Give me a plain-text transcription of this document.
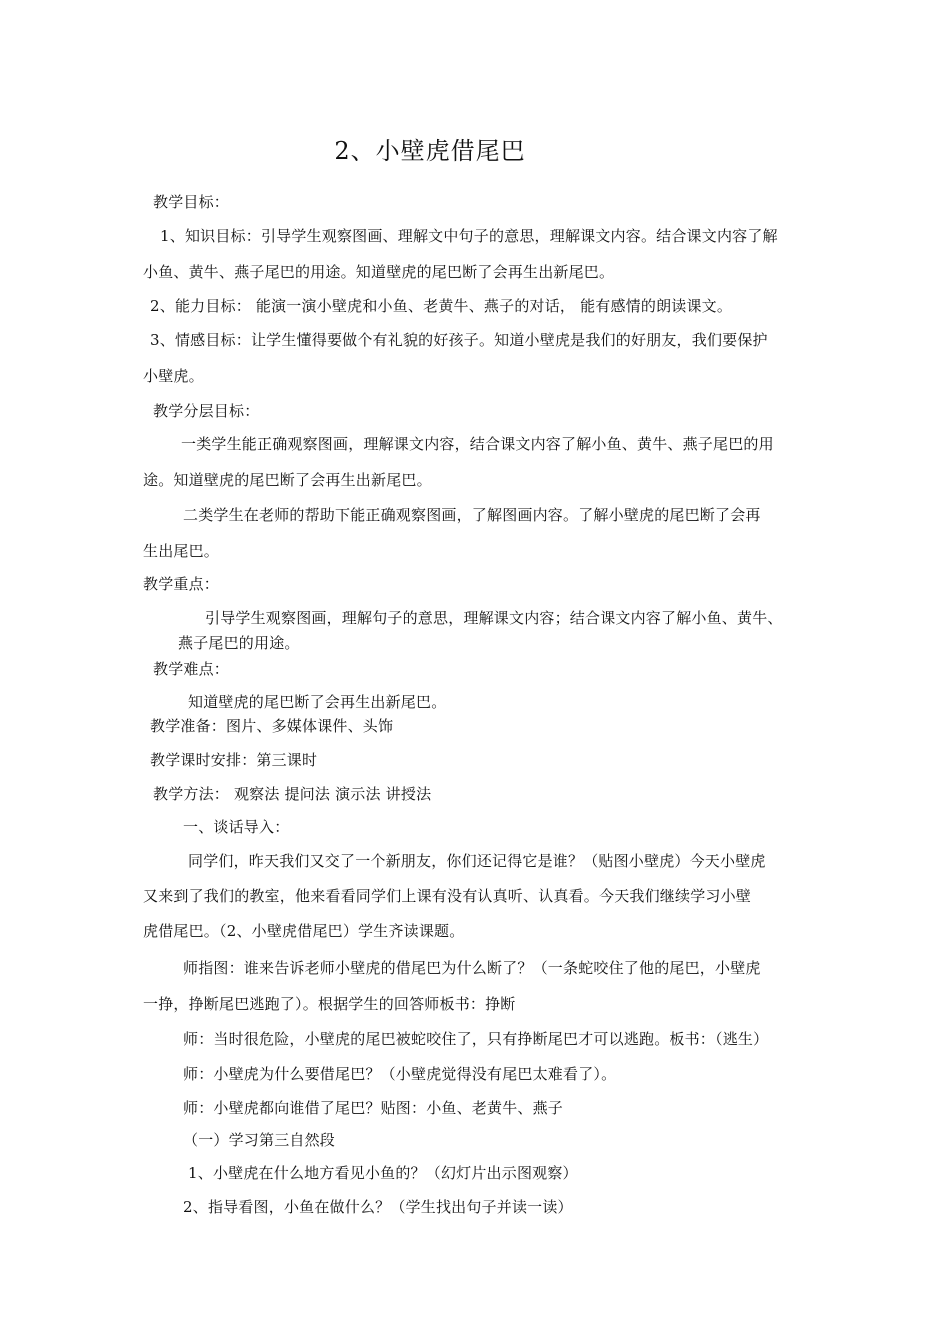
2、小壁虎借尾巴
教学目标：
1、知识目标：引导学生观察图画、理解文中句子的意思，理解课文内容。结合课文内容了解
小鱼、黄牛、燕子尾巴的用途。知道壁虎的尾巴断了会再生出新尾巴。
2、能力目标： 能演一演小壁虎和小鱼、老黄牛、燕子的对话， 能有感情的朗读课文。
3、情感目标：让学生懂得要做个有礼貌的好孩子。知道小壁虎是我们的好朋友，我们要保护
小壁虎。
教学分层目标：
一类学生能正确观察图画，理解课文内容，结合课文内容了解小鱼、黄牛、燕子尾巴的用
途。知道壁虎的尾巴断了会再生出新尾巴。
二类学生在老师的帮助下能正确观察图画，了解图画内容。了解小壁虎的尾巴断了会再
生出尾巴。
教学重点：
引导学生观察图画，理解句子的意思，理解课文内容；结合课文内容了解小鱼、黄牛、
燕子尾巴的用途。
教学难点：
知道壁虎的尾巴断了会再生出新尾巴。
教学准备：图片、多媒体课件、头饰
教学课时安排：第三课时
教学方法： 观察法 提问法 演示法 讲授法
一、谈话导入：
同学们，昨天我们又交了一个新朋友，你们还记得它是谁？（贴图小壁虎）今天小壁虎
又来到了我们的教室，他来看看同学们上课有没有认真听、认真看。今天我们继续学习小壁
虎借尾巴。（2、小壁虎借尾巴）学生齐读课题。
师指图：谁来告诉老师小壁虎的借尾巴为什么断了？（一条蛇咬住了他的尾巴，小壁虎
一挣，挣断尾巴逃跑了）。根据学生的回答师板书：挣断
师：当时很危险，小壁虎的尾巴被蛇咬住了，只有挣断尾巴才可以逃跑。板书：（逃生）
师：小壁虎为什么要借尾巴？（小壁虎觉得没有尾巴太难看了）。
师：小壁虎都向谁借了尾巴？贴图：小鱼、老黄牛、燕子
（一）学习第三自然段
1、小壁虎在什么地方看见小鱼的？（幻灯片出示图观察）
2、指导看图，小鱼在做什么？（学生找出句子并读一读）
